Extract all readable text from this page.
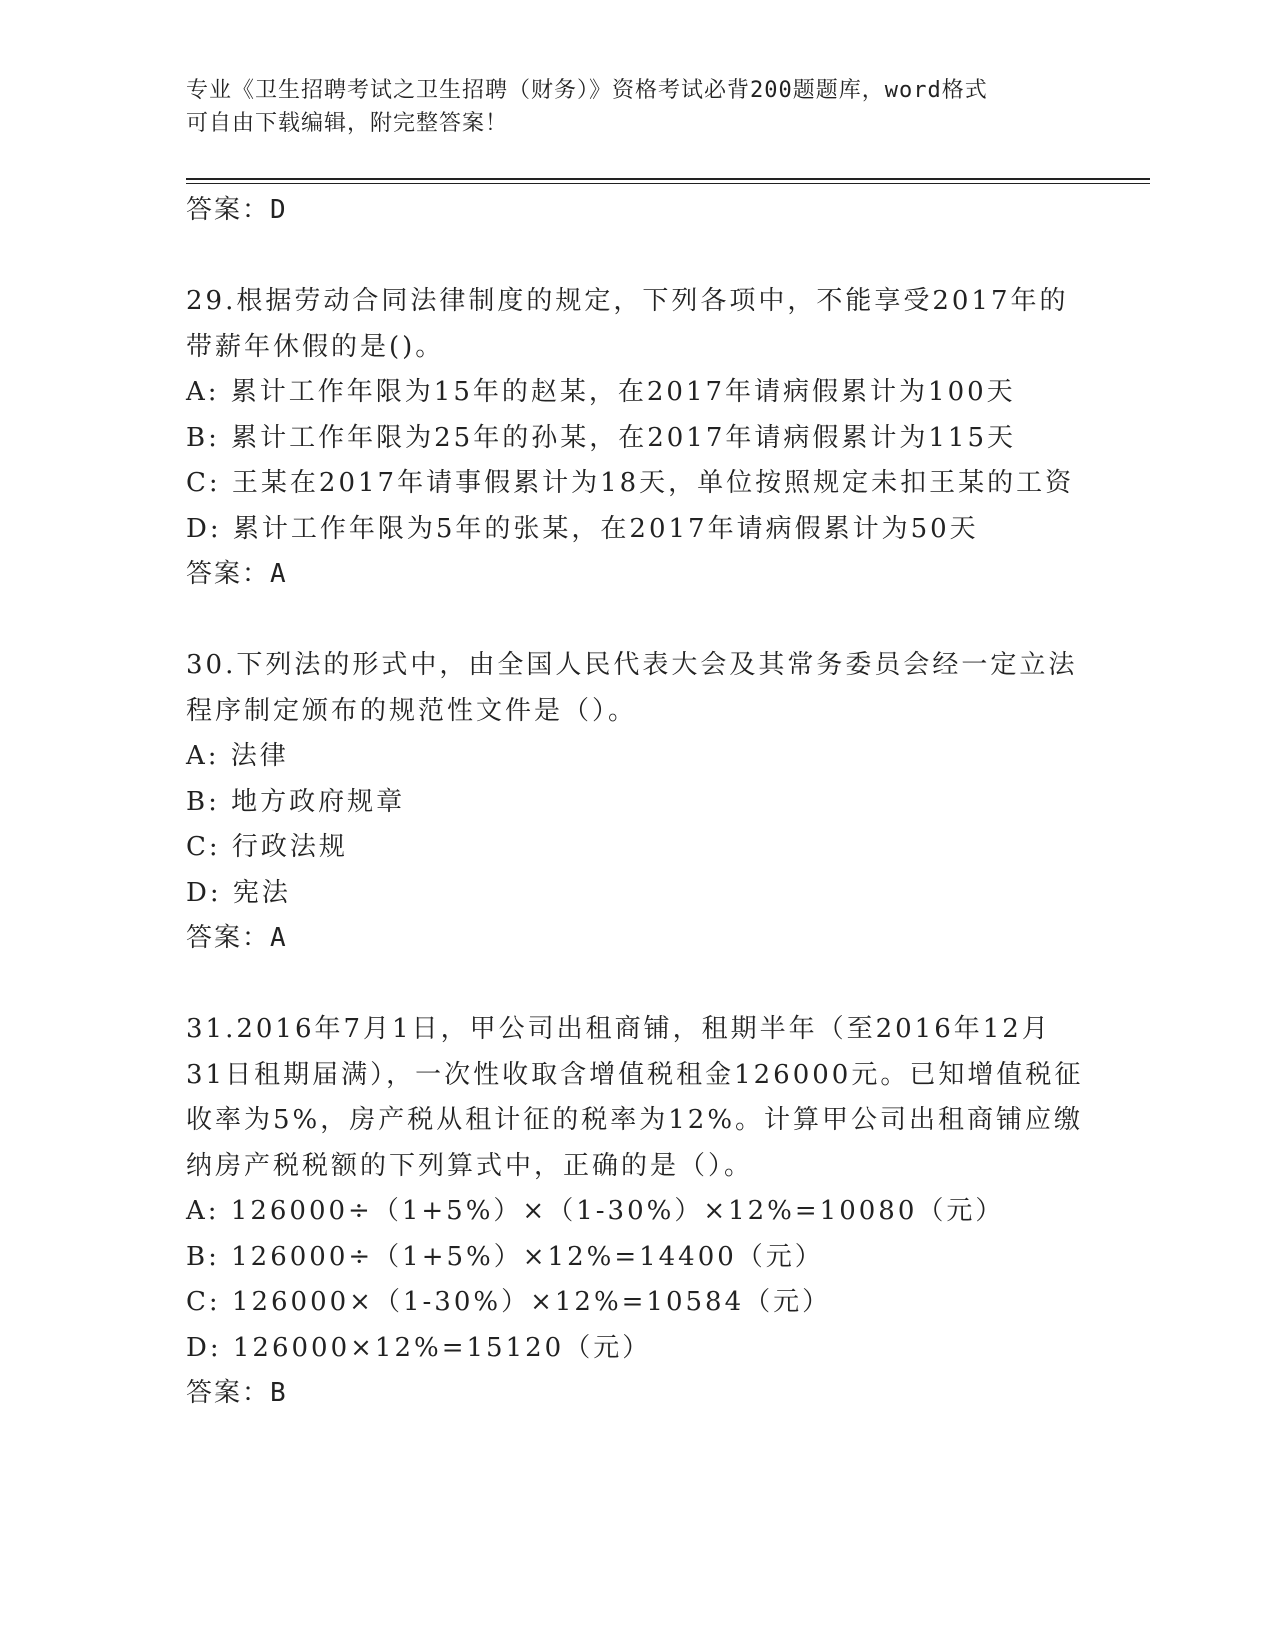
专业《卫生招聘考试之卫生招聘（财务）》资格考试必背200题题库，word格式
可自由下载编辑，附完整答案！
答案：D
29.根据劳动合同法律制度的规定，下列各项中，不能享受2017年的
带薪年休假的是()。
A: 累计工作年限为15年的赵某，在2017年请病假累计为100天
B: 累计工作年限为25年的孙某，在2017年请病假累计为115天
C: 王某在2017年请事假累计为18天，单位按照规定未扣王某的工资
D: 累计工作年限为5年的张某，在2017年请病假累计为50天
答案：A
30.下列法的形式中，由全国人民代表大会及其常务委员会经一定立法
程序制定颁布的规范性文件是（）。
A: 法律
B: 地方政府规章
C: 行政法规
D: 宪法
答案：A
31.2016年7月1日，甲公司出租商铺，租期半年（至2016年12月
31日租期届满），一次性收取含增值税租金126000元。已知增值税征
收率为5%，房产税从租计征的税率为12%。计算甲公司出租商铺应缴
纳房产税税额的下列算式中，正确的是（）。
A: 126000÷（1+5%）×（1-30%）×12%=10080（元）
B: 126000÷（1+5%）×12%=14400（元）
C: 126000×（1-30%）×12%=10584（元）
D: 126000×12%=15120（元）
答案：B
